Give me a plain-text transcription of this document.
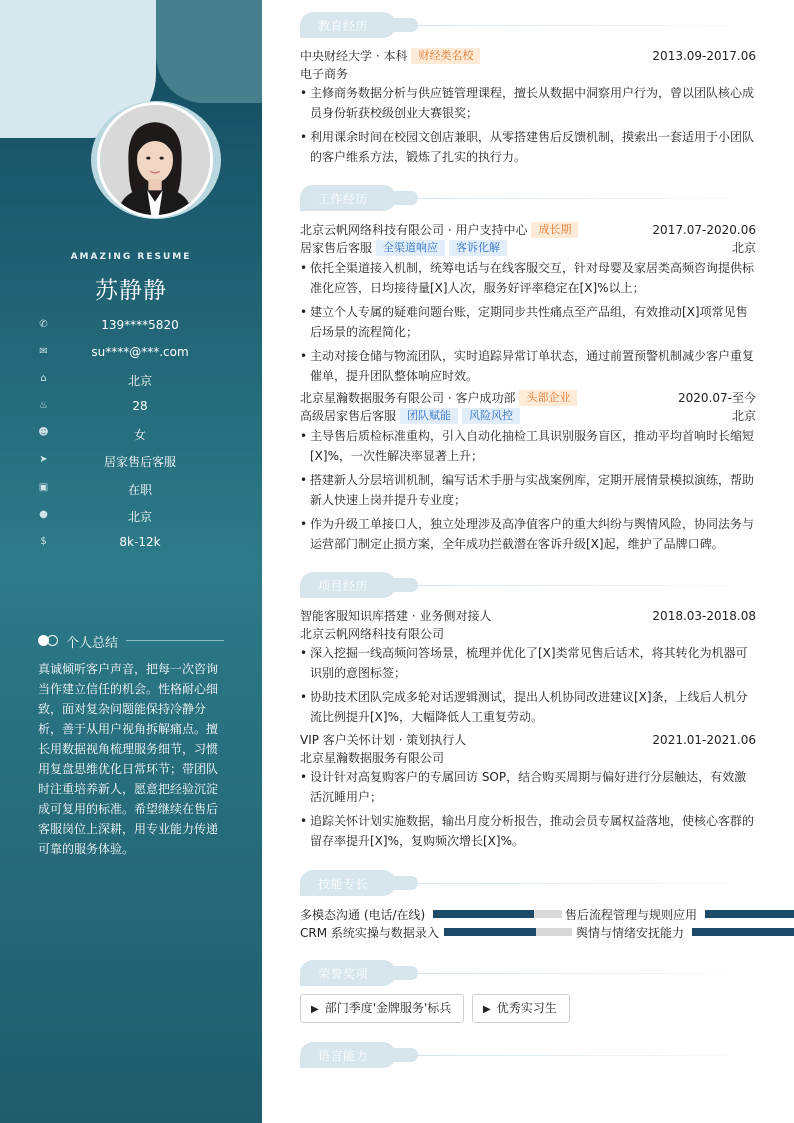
AMAZING RESUME
苏静静
✆	139****5820
✉	su****@***.com
⌂	北京
♨	28
☻	女
➤	居家售后客服
▣	在职
●	北京
$	8k-12k
个人总结
真诚倾听客户声音，把每一次咨询当作建立信任的机会。性格耐心细致，面对复杂问题能保持冷静分析，善于从用户视角拆解痛点。擅长用数据视角梳理服务细节，习惯用复盘思维优化日常环节；带团队时注重培养新人，愿意把经验沉淀成可复用的标准。希望继续在售后客服岗位上深耕，用专业能力传递可靠的服务体验。
教育经历
中央财经大学 · 本科 财经类名校	2013.09-2017.06
电子商务
• 主修商务数据分析与供应链管理课程，擅长从数据中洞察用户行为，曾以团队核心成员身份斩获校级创业大赛银奖；
• 利用课余时间在校园文创店兼职，从零搭建售后反馈机制，摸索出一套适用于小团队的客户维系方法，锻炼了扎实的执行力。
工作经历
北京云帆网络科技有限公司 · 用户支持中心 成长期	2017.07-2020.06
居家售后客服 全渠道响应 客诉化解	北京
• 依托全渠道接入机制，统筹电话与在线客服交互，针对母婴及家居类高频咨询提供标准化应答，日均接待量[X]人次，服务好评率稳定在[X]%以上；
• 建立个人专属的疑难问题台账，定期同步共性痛点至产品组，有效推动[X]项常见售后场景的流程简化；
• 主动对接仓储与物流团队，实时追踪异常订单状态，通过前置预警机制减少客户重复催单，提升团队整体响应时效。
北京星瀚数据服务有限公司 · 客户成功部 头部企业	2020.07-至今
高级居家售后客服 团队赋能 风险风控	北京
• 主导售后质检标准重构，引入自动化抽检工具识别服务盲区，推动平均首响时长缩短[X]%，一次性解决率显著上升；
• 搭建新人分层培训机制，编写话术手册与实战案例库，定期开展情景模拟演练，帮助新人快速上岗并提升专业度；
• 作为升级工单接口人，独立处理涉及高净值客户的重大纠纷与舆情风险，协同法务与运营部门制定止损方案，全年成功拦截潜在客诉升级[X]起，维护了品牌口碑。
项目经历
智能客服知识库搭建 · 业务侧对接人	2018.03-2018.08
北京云帆网络科技有限公司
• 深入挖掘一线高频问答场景，梳理并优化了[X]类常见售后话术，将其转化为机器可识别的意图标签；
• 协助技术团队完成多轮对话逻辑测试，提出人机协同改进建议[X]条，上线后人机分流比例提升[X]%，大幅降低人工重复劳动。
VIP 客户关怀计划 · 策划执行人	2021.01-2021.06
北京星瀚数据服务有限公司
• 设计针对高复购客户的专属回访 SOP，结合购买周期与偏好进行分层触达，有效激活沉睡用户；
• 追踪关怀计划实施数据，输出月度分析报告，推动会员专属权益落地，使核心客群的留存率提升[X]%，复购频次增长[X]%。
技能专长
多模态沟通 (电话/在线)	售后流程管理与规则应用
CRM 系统实操与数据录入	舆情与情绪安抚能力
荣誉奖项
▶ 部门季度'金牌服务'标兵	▶ 优秀实习生
语言能力
